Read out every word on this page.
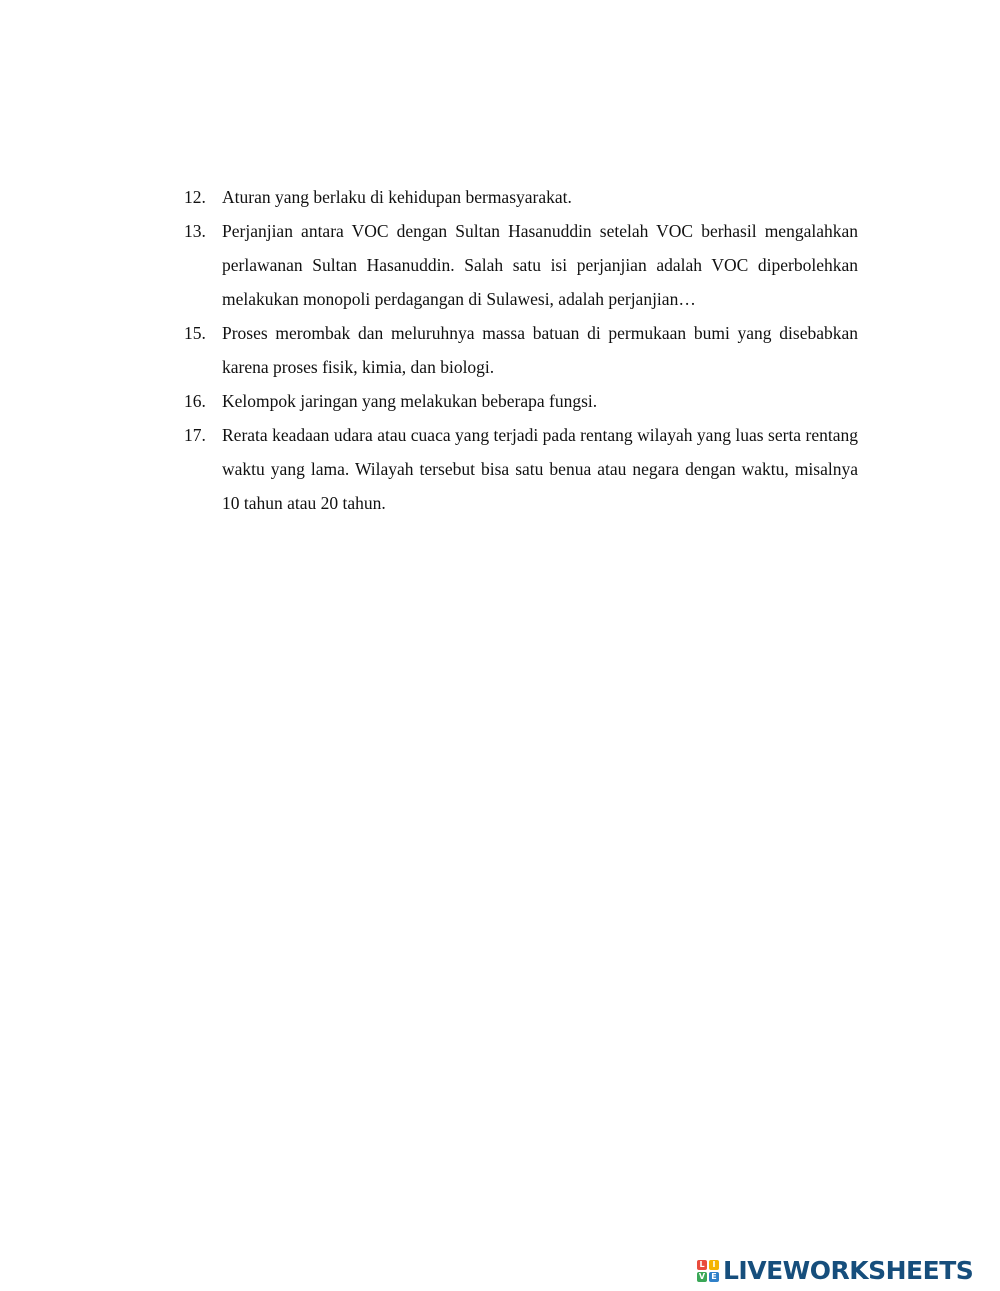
12. Aturan yang berlaku di kehidupan bermasyarakat.
13. Perjanjian antara VOC dengan Sultan Hasanuddin setelah VOC berhasil mengalahkan perlawanan Sultan Hasanuddin. Salah satu isi perjanjian adalah VOC diperbolehkan melakukan monopoli perdagangan di Sulawesi, adalah perjanjian…
15. Proses merombak dan meluruhnya massa batuan di permukaan bumi yang disebabkan karena proses fisik, kimia, dan biologi.
16. Kelompok jaringan yang melakukan beberapa fungsi.
17. Rerata keadaan udara atau cuaca yang terjadi pada rentang wilayah yang luas serta rentang waktu yang lama. Wilayah tersebut bisa satu benua atau negara dengan waktu, misalnya 10 tahun atau 20 tahun.
L I
V E LIVEWORKSHEETS
